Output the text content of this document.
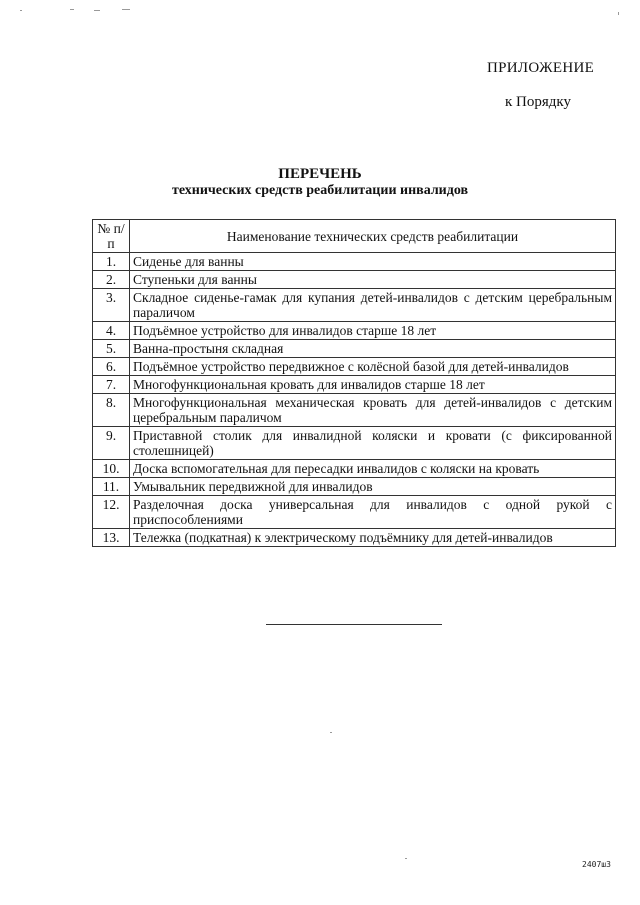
ПРИЛОЖЕНИЕ
к Порядку
ПЕРЕЧЕНЬ
технических средств реабилитации инвалидов
№ п/п	Наименование технических средств реабилитации
1.	Сиденье для ванны
2.	Ступеньки для ванны
3.	Складное сиденье-гамак для купания детей-инвалидов с детским церебральным параличом
4.	Подъёмное устройство для инвалидов старше 18 лет
5.	Ванна-простыня складная
6.	Подъёмное устройство передвижное с колёсной базой для детей-инвалидов
7.	Многофункциональная кровать для инвалидов старше 18 лет
8.	Многофункциональная механическая кровать для детей-инвалидов с детским церебральным параличом
9.	Приставной столик для инвалидной коляски и кровати (с фиксированной столешницей)
10.	Доска вспомогательная для пересадки инвалидов с коляски на кровать
11.	Умывальник передвижной для инвалидов
12.	Разделочная доска универсальная для инвалидов с одной рукой с приспособлениями
13.	Тележка (подкатная) к электрическому подъёмнику для детей-инвалидов
2407ш3
